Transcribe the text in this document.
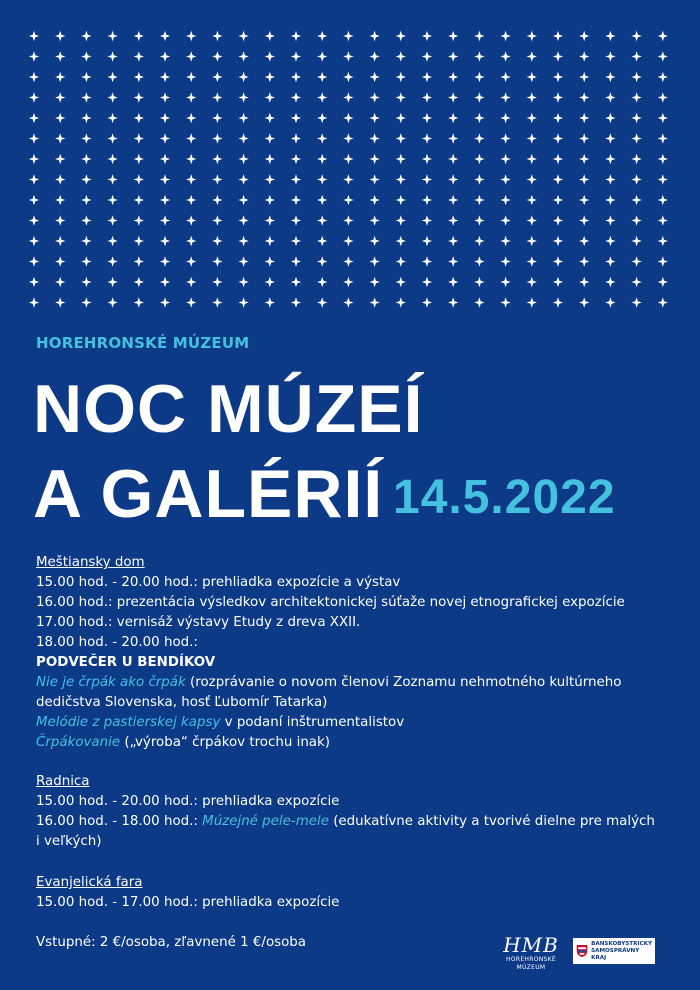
HOREHRONSKÉ MÚZEUM
NOC MÚZEÍ
A GALÉRIÍ 14.5.2022
Meštiansky dom
15.00 hod. - 20.00 hod.: prehliadka expozície a výstav
16.00 hod.: prezentácia výsledkov architektonickej súťaže novej etnografickej expozície
17.00 hod.: vernisáž výstavy Etudy z dreva XXII.
18.00 hod. - 20.00 hod.:
PODVEČER U BENDÍKOV
Nie je črpák ako črpák (rozprávanie o novom členovi Zoznamu nehmotného kultúrneho
dedičstva Slovenska, hosť Ľubomír Tatarka)
Melódie z pastierskej kapsy v podaní inštrumentalistov
Črpákovanie („výroba“ črpákov trochu inak)
Radnica
15.00 hod. - 20.00 hod.: prehliadka expozície
16.00 hod. - 18.00 hod.: Múzejné pele-mele (edukatívne aktivity a tvorivé dielne pre malých
i veľkých)
Evanjelická fara
15.00 hod. - 17.00 hod.: prehliadka expozície
Vstupné: 2 €/osoba, zľavnené 1 €/osoba	HMB
HOREHRONSKÉ MÚZEUM
BANSKOBYSTRICKÝ
SAMOSPRÁVNY KRAJ
